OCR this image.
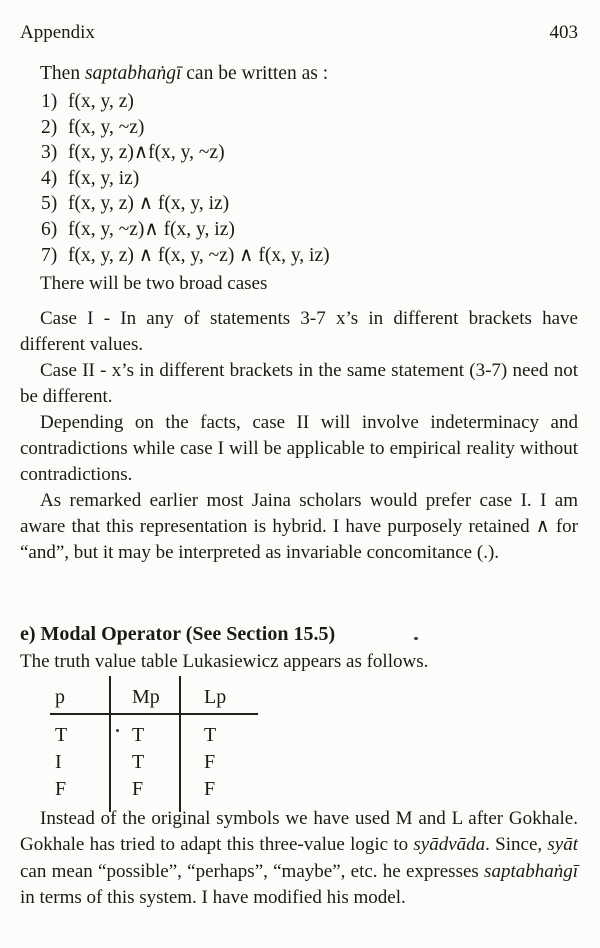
Appendix	403
Then saptabhaṅgī can be written as :
1) f(x, y, z)
2) f(x, y, ~z)
3) f(x, y, z)∧f(x, y, ~z)
4) f(x, y, iz)
5) f(x, y, z) ∧ f(x, y, iz)
6) f(x, y, ~z)∧ f(x, y, iz)
7) f(x, y, z) ∧ f(x, y, ~z) ∧ f(x, y, iz)
There will be two broad cases
Case I - In any of statements 3-7 x’s in different brackets have different values.
Case II - x’s in different brackets in the same statement (3-7) need not be different.
Depending on the facts, case II will involve indeterminacy and contradictions while case I will be applicable to empirical reality without contradictions.
As remarked earlier most Jaina scholars would prefer case I. I am aware that this representation is hybrid. I have purposely retained ∧ for “and”, but it may be interpreted as invariable concomitance (.).
e) Modal Operator (See Section 15.5)
The truth value table Lukasiewicz appears as follows.
p	Mp	Lp
T	T	T
I	T	F
F	F	F
Instead of the original symbols we have used M and L after Gokhale. Gokhale has tried to adapt this three-value logic to syādvāda. Since, syāt can mean “possible”, “perhaps”, “maybe”, etc. he expresses saptabhaṅgī in terms of this system. I have modified his model.
